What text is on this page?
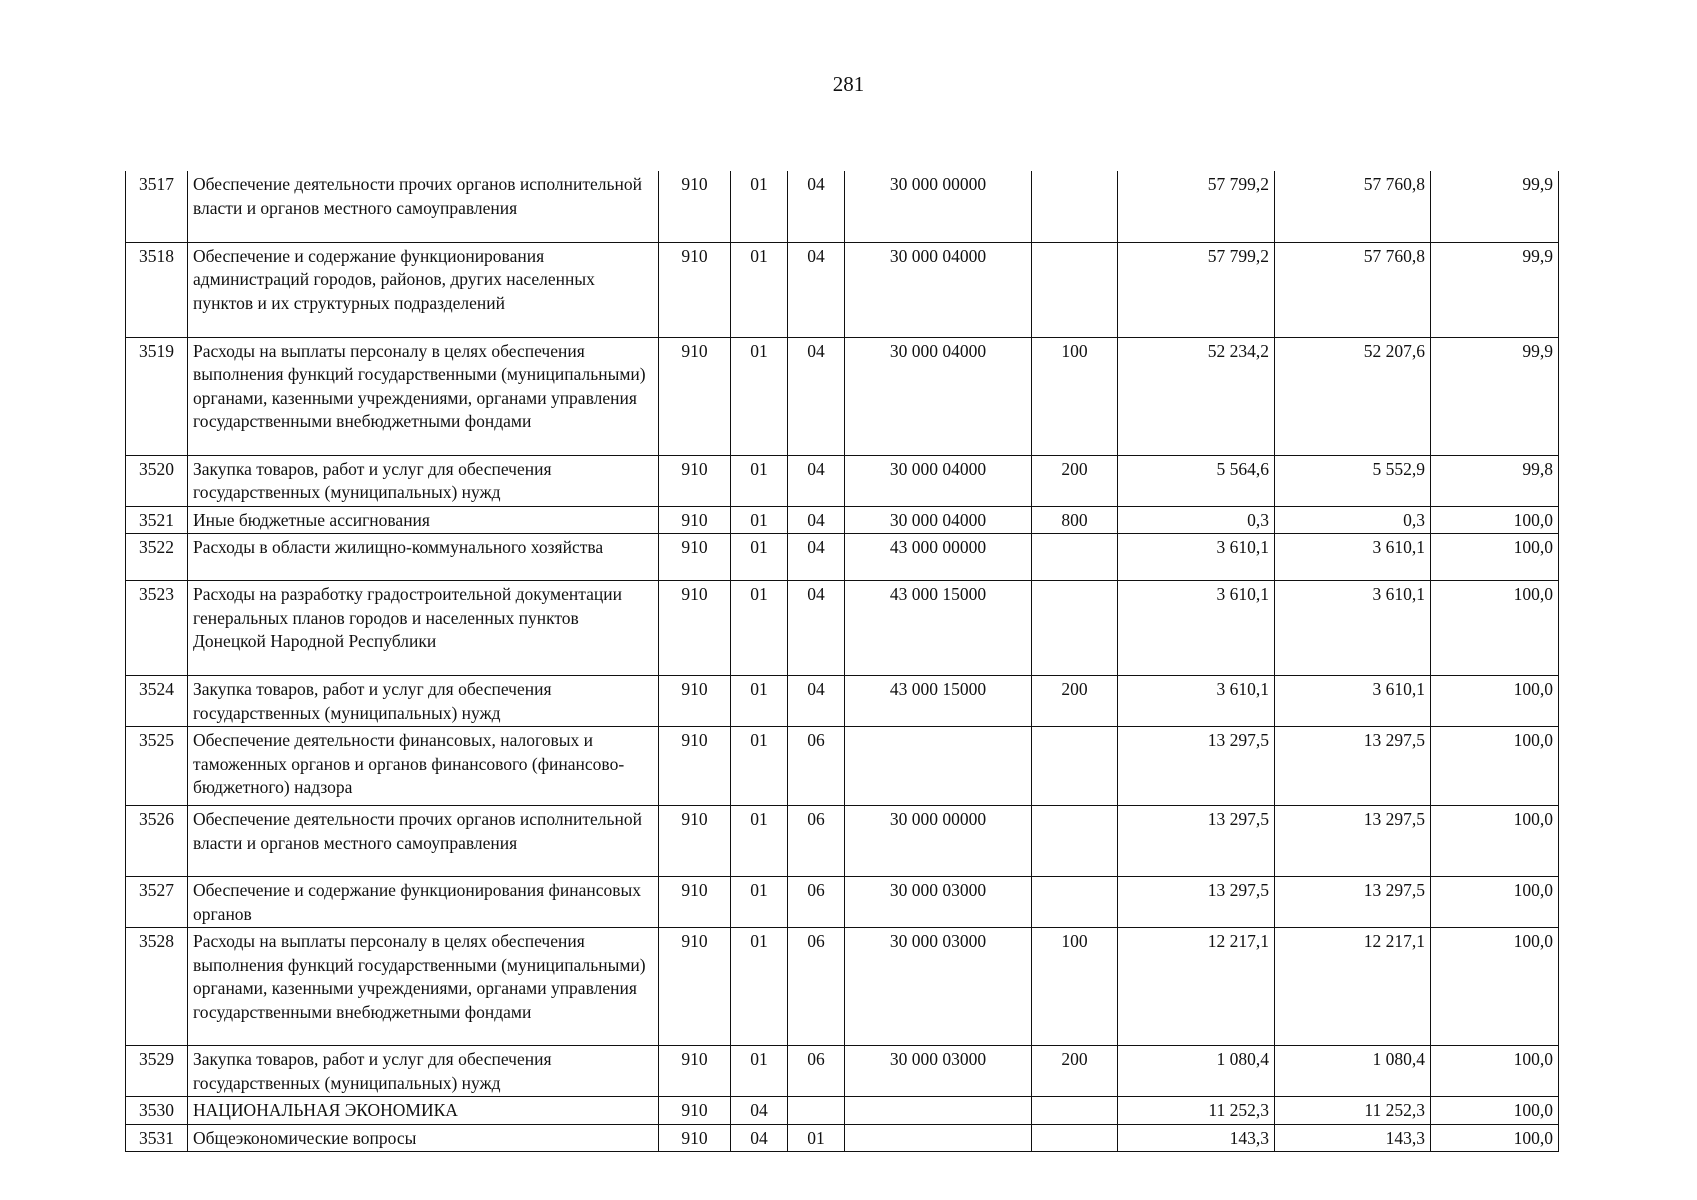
281
3517	Обеспечение деятельности прочих органов исполнительной власти и органов местного самоуправления	910	01	04	30 000 00000		57 799,2	57 760,8	99,9
3518	Обеспечение и содержание функционирования администраций городов, районов, других населенных пунктов и их структурных подразделений	910	01	04	30 000 04000		57 799,2	57 760,8	99,9
3519	Расходы на выплаты персоналу в целях обеспечения выполнения функций государственными (муниципальными) органами, казенными учреждениями, органами управления государственными внебюджетными фондами	910	01	04	30 000 04000	100	52 234,2	52 207,6	99,9
3520	Закупка товаров, работ и услуг для обеспечения государственных (муниципальных) нужд	910	01	04	30 000 04000	200	5 564,6	5 552,9	99,8
3521	Иные бюджетные ассигнования	910	01	04	30 000 04000	800	0,3	0,3	100,0
3522	Расходы в области жилищно-коммунального хозяйства	910	01	04	43 000 00000		3 610,1	3 610,1	100,0
3523	Расходы на разработку градостроительной документации генеральных планов городов и населенных пунктов Донецкой Народной Республики	910	01	04	43 000 15000		3 610,1	3 610,1	100,0
3524	Закупка товаров, работ и услуг для обеспечения государственных (муниципальных) нужд	910	01	04	43 000 15000	200	3 610,1	3 610,1	100,0
3525	Обеспечение деятельности финансовых, налоговых и таможенных органов и органов финансового (финансово-бюджетного) надзора	910	01	06			13 297,5	13 297,5	100,0
3526	Обеспечение деятельности прочих органов исполнительной власти и органов местного самоуправления	910	01	06	30 000 00000		13 297,5	13 297,5	100,0
3527	Обеспечение и содержание функционирования финансовых органов	910	01	06	30 000 03000		13 297,5	13 297,5	100,0
3528	Расходы на выплаты персоналу в целях обеспечения выполнения функций государственными (муниципальными) органами, казенными учреждениями, органами управления государственными внебюджетными фондами	910	01	06	30 000 03000	100	12 217,1	12 217,1	100,0
3529	Закупка товаров, работ и услуг для обеспечения государственных (муниципальных) нужд	910	01	06	30 000 03000	200	1 080,4	1 080,4	100,0
3530	НАЦИОНАЛЬНАЯ ЭКОНОМИКА	910	04				11 252,3	11 252,3	100,0
3531	Общеэкономические вопросы	910	04	01			143,3	143,3	100,0
